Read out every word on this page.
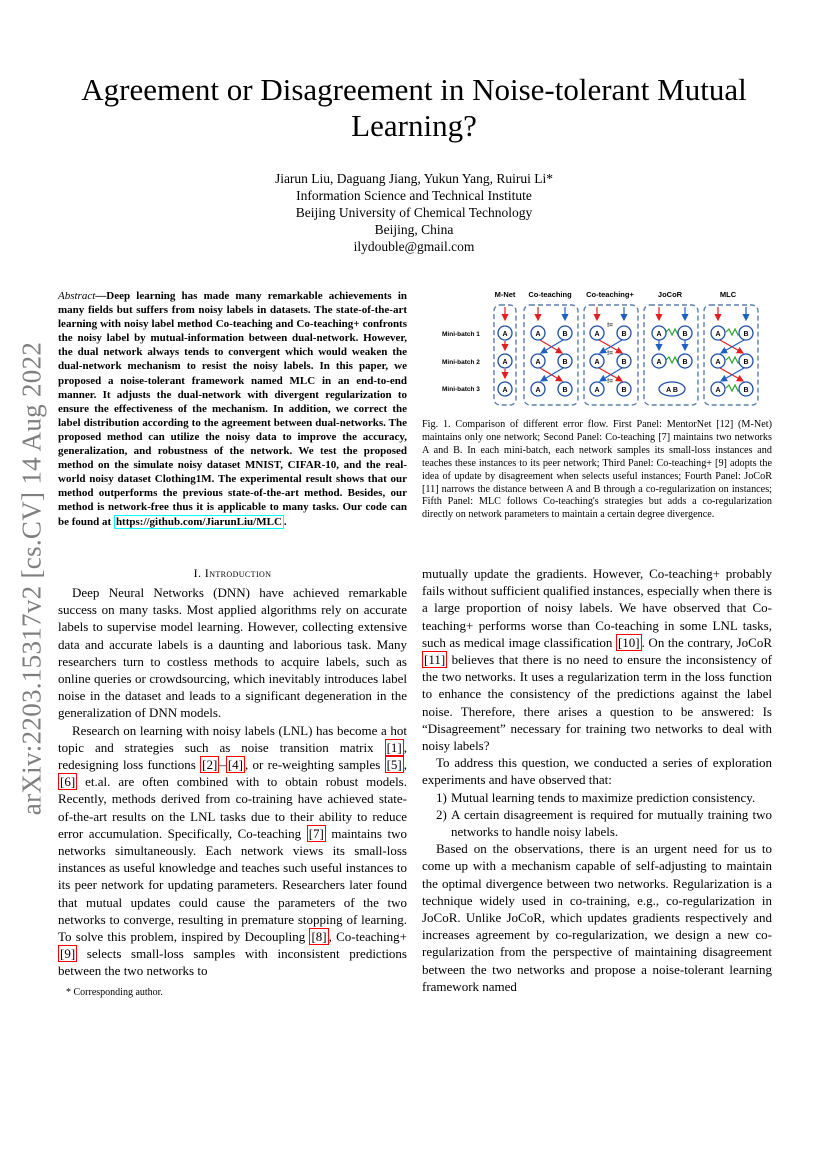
Agreement or Disagreement in Noise-tolerant Mutual Learning?
Jiarun Liu, Daguang Jiang, Yukun Yang, Ruirui Li*
Information Science and Technical Institute
Beijing University of Chemical Technology
Beijing, China
ilydouble@gmail.com
arXiv:2203.15317v2 [cs.CV] 14 Aug 2022
Abstract—Deep learning has made many remarkable achievements in many fields but suffers from noisy labels in datasets. The state-of-the-art learning with noisy label method Co-teaching and Co-teaching+ confronts the noisy label by mutual-information between dual-network. However, the dual network always tends to convergent which would weaken the dual-network mechanism to resist the noisy labels. In this paper, we proposed a noise-tolerant framework named MLC in an end-to-end manner. It adjusts the dual-network with divergent regularization to ensure the effectiveness of the mechanism. In addition, we correct the label distribution according to the agreement between dual-networks. The proposed method can utilize the noisy data to improve the accuracy, generalization, and robustness of the network. We test the proposed method on the simulate noisy dataset MNIST, CIFAR-10, and the real-world noisy dataset Clothing1M. The experimental result shows that our method outperforms the previous state-of-the-art method. Besides, our method is network-free thus it is applicable to many tasks. Our code can be found at https://github.com/JiarunLiu/MLC .
M-Net Co-teaching Co-teaching+	JoCoR	MLC
Mini-batch 1
Mini-batch 2
Mini-batch 3
!=
!=
!=
A
A
A
A	B
A	B
A	B
A	B
A	B
A	B
A	B
A	B
A B
A	B
A	B
A	B
Fig. 1. Comparison of different error flow. First Panel: MentorNet [12] (M-Net) maintains only one network; Second Panel: Co-teaching [7] maintains two networks A and B. In each mini-batch, each network samples its small-loss instances and teaches these instances to its peer network; Third Panel: Co-teaching+ [9] adopts the idea of update by disagreement when selects useful instances; Fourth Panel: JoCoR [11] narrows the distance between A and B through a co-regularization on instances; Fifth Panel: MLC follows Co-teaching's strategies but adds a co-regularization directly on network parameters to maintain a certain degree divergence.
I. Introduction

Deep Neural Networks (DNN) have achieved remarkable success on many tasks. Most applied algorithms rely on accurate labels to supervise model learning. However, collecting extensive data and accurate labels is a daunting and laborious task. Many researchers turn to costless methods to acquire labels, such as online queries or crowdsourcing, which inevitably introduces label noise in the dataset and leads to a significant degeneration in the generalization of DNN models.

Research on learning with noisy labels (LNL) has become a hot topic and strategies such as noise transition matrix [1] , redesigning loss functions [2] – [4] , or re-weighting samples [5] , [6] et.al. are often combined with to obtain robust models. Recently, methods derived from co-training have achieved state-of-the-art results on the LNL tasks due to their ability to reduce error accumulation. Specifically, Co-teaching [7] maintains two networks simultaneously. Each network views its small-loss instances as useful knowledge and teaches such useful instances to its peer network for updating parameters. Researchers later found that mutual updates could cause the parameters of the two networks to converge, resulting in premature stopping of learning. To solve this problem, inspired by Decoupling [8] , Co-teaching+ [9] selects small-loss samples with inconsistent predictions between the two networks to

* Corresponding author.

mutually update the gradients. However, Co-teaching+ probably fails without sufficient qualified instances, especially when there is a large proportion of noisy labels. We have observed that Co-teaching+ performs worse than Co-teaching in some LNL tasks, such as medical image classification [10] . On the contrary, JoCoR [11] believes that there is no need to ensure the inconsistency of the two networks. It uses a regularization term in the loss function to enhance the consistency of the predictions against the label noise. Therefore, there arises a question to be answered: Is “Disagreement” necessary for training two networks to deal with noisy labels?

To address this question, we conducted a series of exploration experiments and have observed that:

1) Mutual learning tends to maximize prediction consistency.
2) A certain disagreement is required for mutually training two networks to handle noisy labels.

Based on the observations, there is an urgent need for us to come up with a mechanism capable of self-adjusting to maintain the optimal divergence between two networks. Regularization is a technique widely used in co-training, e.g., co-regularization in JoCoR. Unlike JoCoR, which updates gradients respectively and increases agreement by co-regularization, we design a new co-regularization from the perspective of maintaining disagreement between the two networks and propose a noise-tolerant learning framework named
